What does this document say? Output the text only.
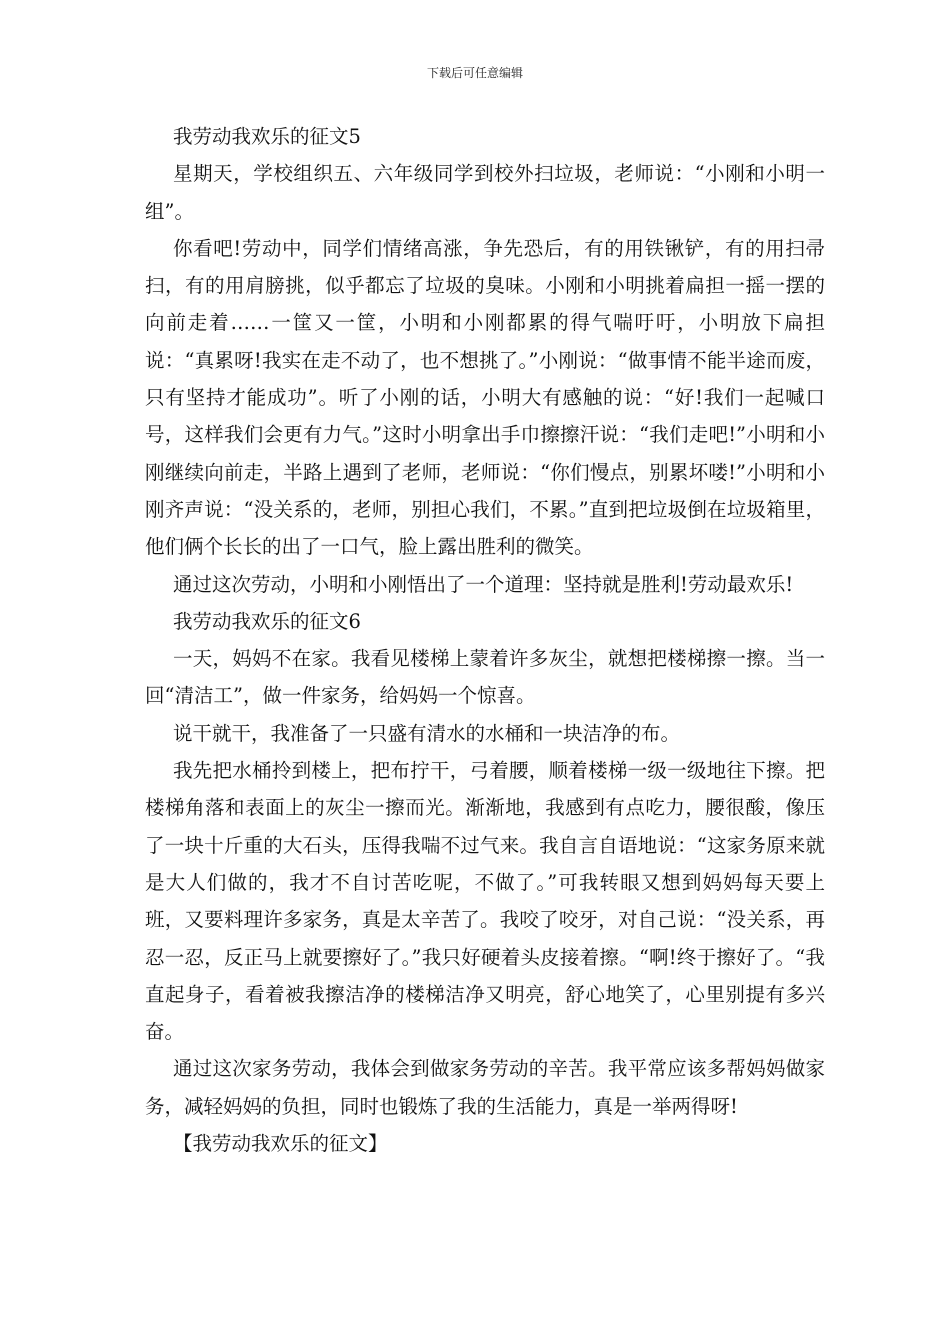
下载后可任意编辑

我劳动我欢乐的征文5

星期天，学校组织五、六年级同学到校外扫垃圾，老师说：“小刚和小明一组”。

你看吧!劳动中，同学们情绪高涨，争先恐后，有的用铁锹铲，有的用扫帚扫，有的用肩膀挑，似乎都忘了垃圾的臭味。小刚和小明挑着扁担一摇一摆的向前走着……一筐又一筐，小明和小刚都累的得气喘吁吁，小明放下扁担说：“真累呀!我实在走不动了，也不想挑了。”小刚说：“做事情不能半途而废，只有坚持才能成功”。听了小刚的话，小明大有感触的说：“好!我们一起喊口号，这样我们会更有力气。”这时小明拿出手巾擦擦汗说：“我们走吧!”小明和小刚继续向前走，半路上遇到了老师，老师说：“你们慢点，别累坏喽!”小明和小刚齐声说：“没关系的，老师，别担心我们，不累。”直到把垃圾倒在垃圾箱里，他们俩个长长的出了一口气，脸上露出胜利的微笑。

通过这次劳动，小明和小刚悟出了一个道理：坚持就是胜利!劳动最欢乐!

我劳动我欢乐的征文6

一天，妈妈不在家。我看见楼梯上蒙着许多灰尘，就想把楼梯擦一擦。当一回“清洁工”，做一件家务，给妈妈一个惊喜。

说干就干，我准备了一只盛有清水的水桶和一块洁净的布。

我先把水桶拎到楼上，把布拧干，弓着腰，顺着楼梯一级一级地往下擦。把楼梯角落和表面上的灰尘一擦而光。渐渐地，我感到有点吃力，腰很酸，像压了一块十斤重的大石头，压得我喘不过气来。我自言自语地说：“这家务原来就是大人们做的，我才不自讨苦吃呢，不做了。”可我转眼又想到妈妈每天要上班，又要料理许多家务，真是太辛苦了。我咬了咬牙，对自己说：“没关系，再忍一忍，反正马上就要擦好了。”我只好硬着头皮接着擦。“啊!终于擦好了。“我直起身子，看着被我擦洁净的楼梯洁净又明亮，舒心地笑了，心里别提有多兴奋。

通过这次家务劳动，我体会到做家务劳动的辛苦。我平常应该多帮妈妈做家务，减轻妈妈的负担，同时也锻炼了我的生活能力，真是一举两得呀!

【我劳动我欢乐的征文】
